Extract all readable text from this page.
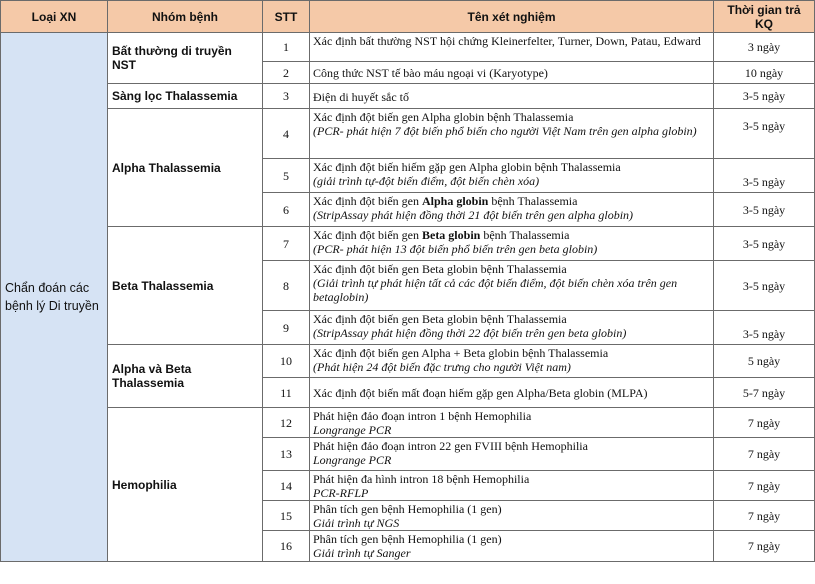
Loại XN	Nhóm bệnh	STT	Tên xét nghiệm	Thời gian trả KQ
Chẩn đoán các bệnh lý Di truyền	Bất thường di truyền NST	1	Xác định bất thường NST hội chứng Kleinerfelter, Turner, Down, Patau, Edward	3 ngày
		2	Công thức NST tế bào máu ngoại vi (Karyotype)	10 ngày
	Sàng lọc Thalassemia	3	Điện di huyết sắc tố	3-5 ngày
	Alpha Thalassemia	4	Xác định đột biến gen Alpha globin bệnh Thalassemia
(PCR- phát hiện 7 đột biến phổ biến cho người Việt Nam trên gen alpha globin)	3-5 ngày
		5	Xác định đột biến hiếm gặp gen Alpha globin bệnh Thalassemia
(giải trình tự-đột biến điểm, đột biến chèn xóa)	3-5 ngày
		6	Xác định đột biến gen Alpha globin bệnh Thalassemia
(StripAssay phát hiện đồng thời 21 đột biến trên gen alpha globin)	3-5 ngày
	Beta Thalassemia	7	Xác định đột biến gen Beta globin bệnh Thalassemia
(PCR- phát hiện 13 đột biến phổ biến trên gen beta globin)	3-5 ngày
		8	Xác định đột biến gen Beta globin bệnh Thalassemia
(Giải trình tự phát hiện tất cả các đột biến điểm, đột biến chèn xóa trên gen betaglobin)	3-5 ngày
		9	Xác định đột biến gen Beta globin bệnh Thalassemia
(StripAssay phát hiện đồng thời 22 đột biến trên gen beta globin)	3-5 ngày
	Alpha và Beta Thalassemia	10	Xác định đột biến gen Alpha + Beta globin bệnh Thalassemia
(Phát hiện 24 đột biến đặc trưng cho người Việt nam)	5 ngày
		11	Xác định đột biến mất đoạn hiếm gặp gen Alpha/Beta globin (MLPA)	5-7 ngày
	Hemophilia	12	Phát hiện đảo đoạn intron 1 bệnh Hemophilia
Longrange PCR	7 ngày
		13	Phát hiện đảo đoạn intron 22 gen FVIII bệnh Hemophilia
Longrange PCR	7 ngày
		14	Phát hiện đa hình intron 18 bệnh Hemophilia
PCR-RFLP	7 ngày
		15	Phân tích gen bệnh Hemophilia (1 gen)
Giải trình tự NGS	7 ngày
		16	Phân tích gen bệnh Hemophilia (1 gen)
Giải trình tự Sanger	7 ngày
